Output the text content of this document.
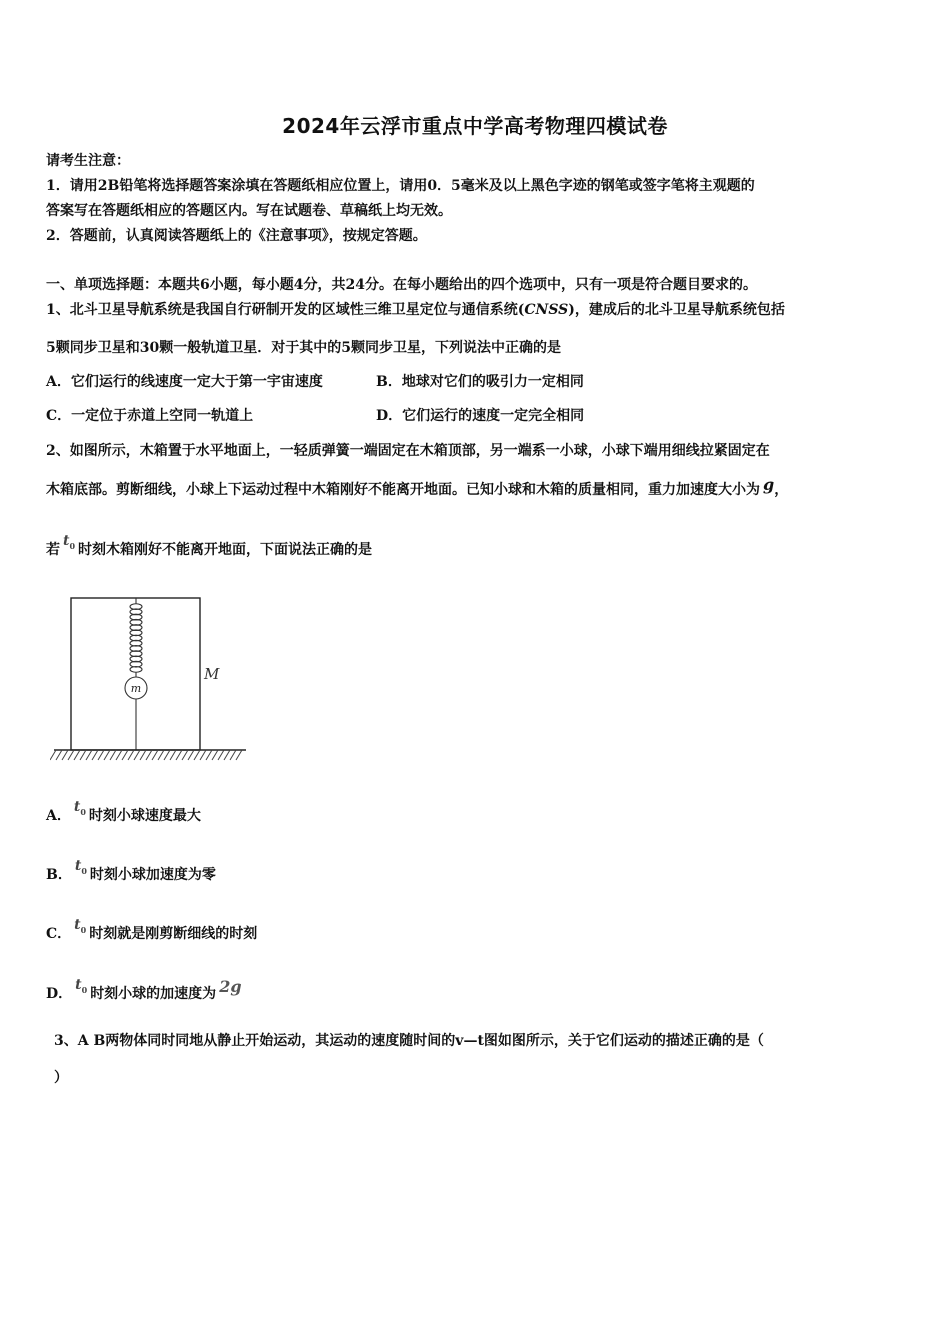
2024年云浮市重点中学高考物理四模试卷
请考生注意：
1．请用2B铅笔将选择题答案涂填在答题纸相应位置上，请用0．5毫米及以上黑色字迹的钢笔或签字笔将主观题的
答案写在答题纸相应的答题区内。写在试题卷、草稿纸上均无效。
2．答题前，认真阅读答题纸上的《注意事项》，按规定答题。
一、单项选择题：本题共6小题，每小题4分，共24分。在每小题给出的四个选项中，只有一项是符合题目要求的。
1、北斗卫星导航系统是我国自行研制开发的区域性三维卫星定位与通信系统(CNSS)，建成后的北斗卫星导航系统包括
5颗同步卫星和30颗一般轨道卫星．对于其中的5颗同步卫星，下列说法中正确的是
A．它们运行的线速度一定大于第一宇宙速度	B．地球对它们的吸引力一定相同
C．一定位于赤道上空同一轨道上	D．它们运行的速度一定完全相同
2、如图所示，木箱置于水平地面上，一轻质弹簧一端固定在木箱顶部，另一端系一小球，小球下端用细线拉紧固定在
木箱底部。剪断细线，小球上下运动过程中木箱刚好不能离开地面。已知小球和木箱的质量相同，重力加速度大小为 g，
若$t_0$ 时刻木箱刚好不能离开地面，下面说法正确的是
m
M
A．$t_0$ 时刻小球速度最大
B．$t_0$ 时刻小球加速度为零
C．$t_0$ 时刻就是刚剪断细线的时刻
D．$t_0$ 时刻小球的加速度为 2g
3、A B两物体同时同地从静止开始运动，其运动的速度随时间的v—t图如图所示，关于它们运动的描述正确的是（
）
